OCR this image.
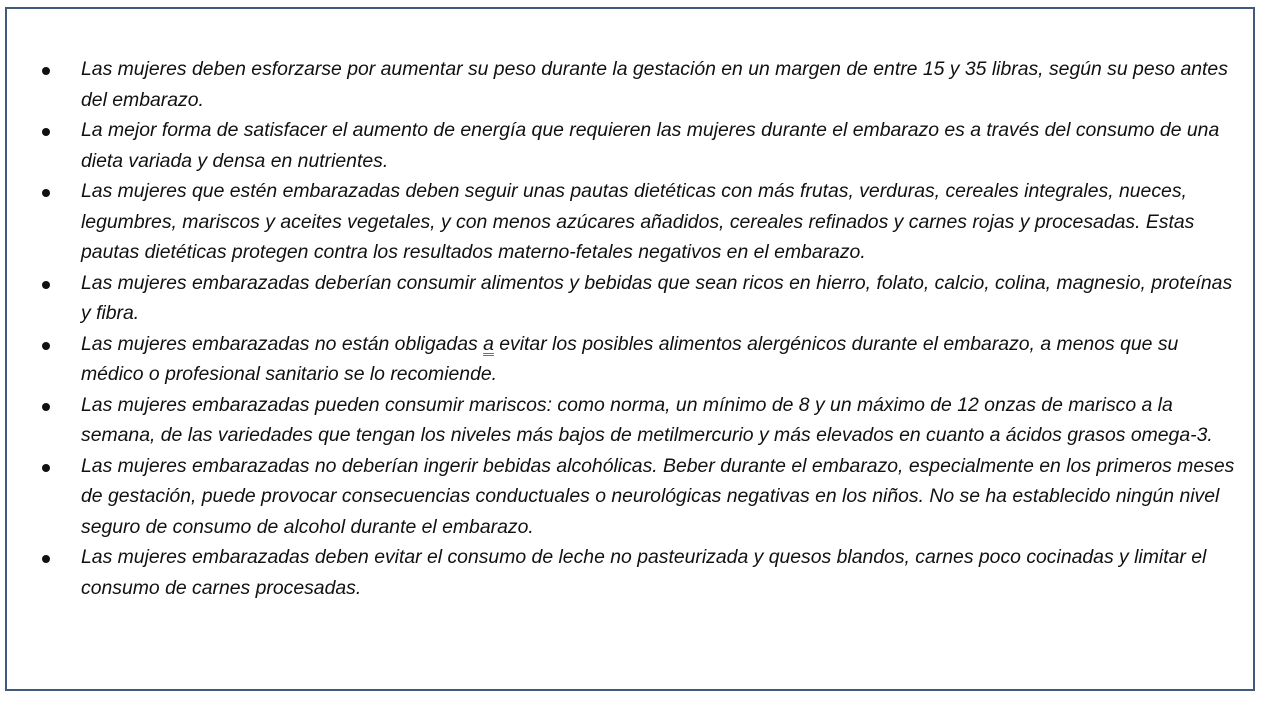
Las mujeres deben esforzarse por aumentar su peso durante la gestación en un margen de entre 15 y 35 libras, según su peso antes del embarazo.
La mejor forma de satisfacer el aumento de energía que requieren las mujeres durante el embarazo es a través del consumo de una dieta variada y densa en nutrientes.
Las mujeres que estén embarazadas deben seguir unas pautas dietéticas con más frutas, verduras, cereales integrales, nueces, legumbres, mariscos y aceites vegetales, y con menos azúcares añadidos, cereales refinados y carnes rojas y procesadas. Estas pautas dietéticas protegen contra los resultados materno-fetales negativos en el embarazo.
Las mujeres embarazadas deberían consumir alimentos y bebidas que sean ricos en hierro, folato, calcio, colina, magnesio, proteínas y fibra.
Las mujeres embarazadas no están obligadas a evitar los posibles alimentos alergénicos durante el embarazo, a menos que su médico o profesional sanitario se lo recomiende.
Las mujeres embarazadas pueden consumir mariscos: como norma, un mínimo de 8 y un máximo de 12 onzas de marisco a la semana, de las variedades que tengan los niveles más bajos de metilmercurio y más elevados en cuanto a ácidos grasos omega-3.
Las mujeres embarazadas no deberían ingerir bebidas alcohólicas. Beber durante el embarazo, especialmente en los primeros meses de gestación, puede provocar consecuencias conductuales o neurológicas negativas en los niños. No se ha establecido ningún nivel seguro de consumo de alcohol durante el embarazo.
Las mujeres embarazadas deben evitar el consumo de leche no pasteurizada y quesos blandos, carnes poco cocinadas y limitar el consumo de carnes procesadas.
